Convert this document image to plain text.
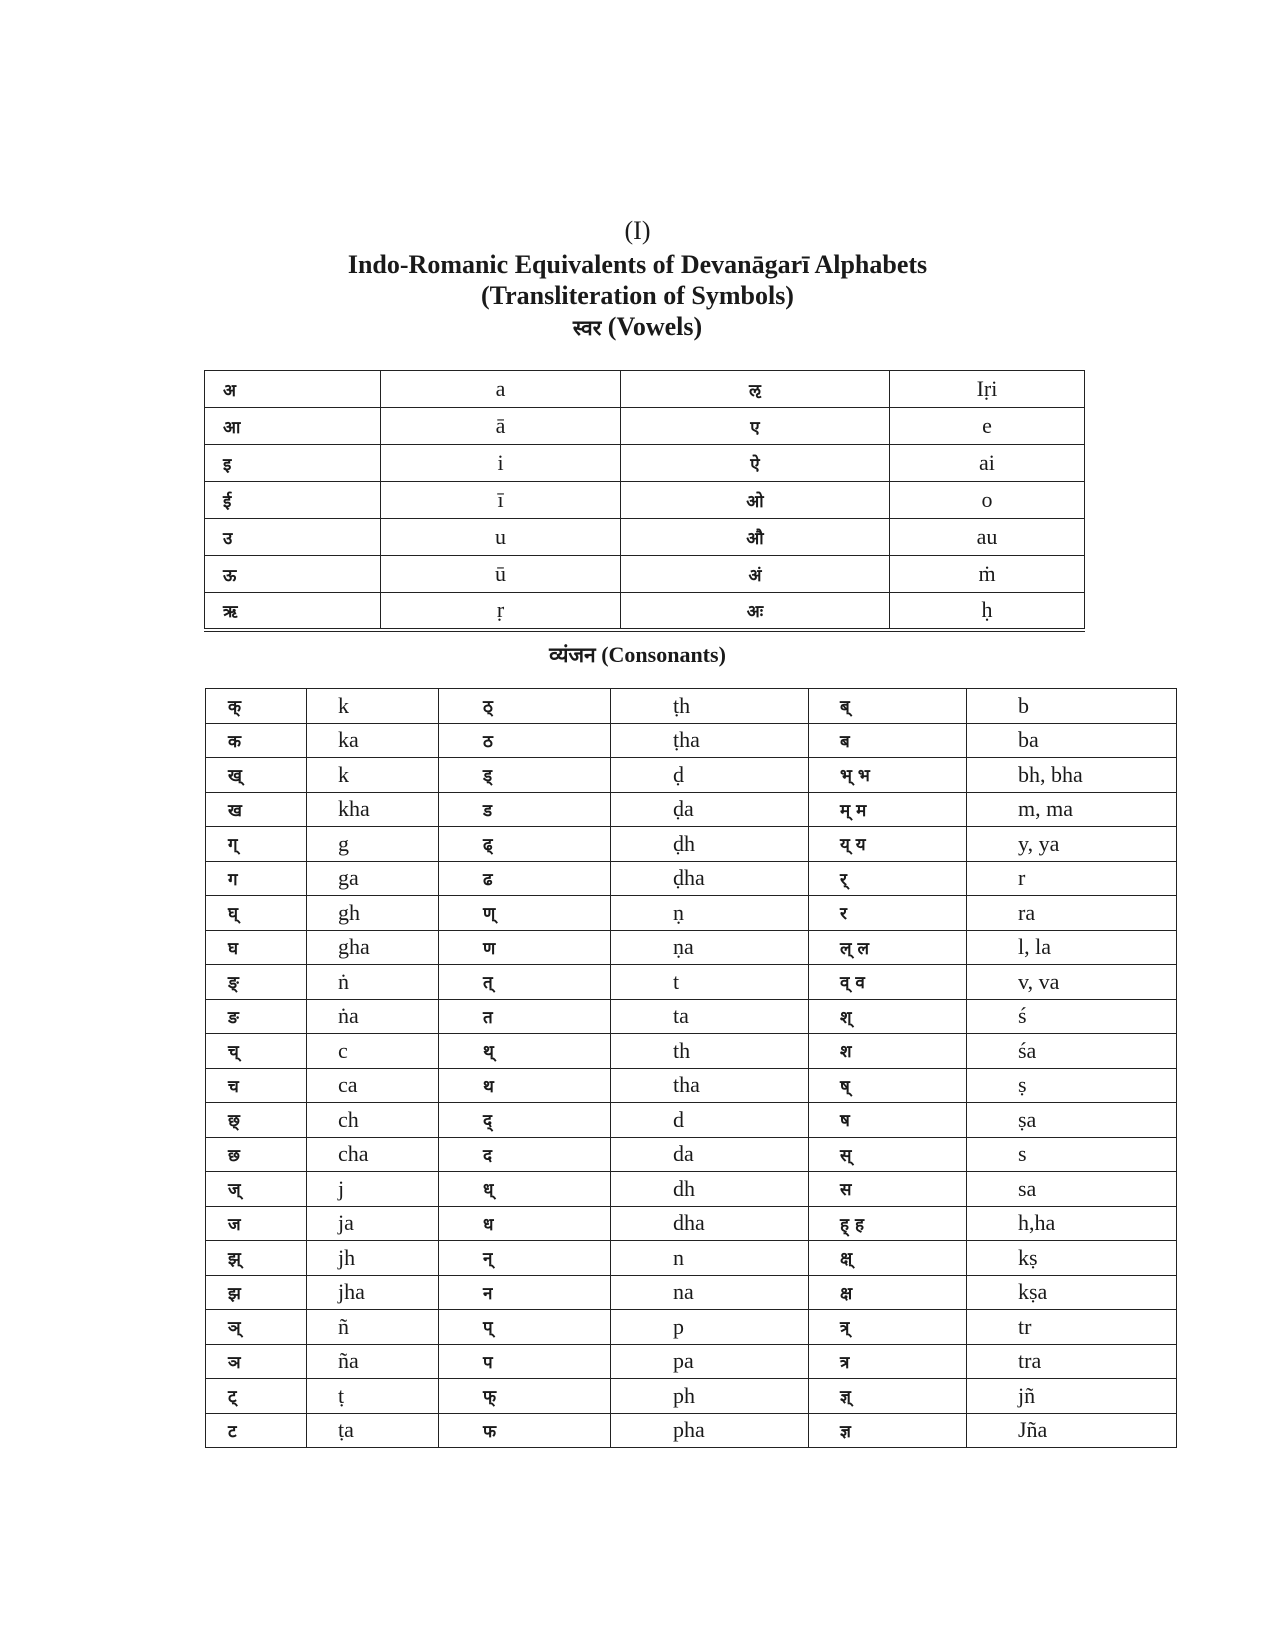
(I)
Indo-Romanic Equivalents of Devanāgarī Alphabets
(Transliteration of Symbols)
स्वर (Vowels)
अ	a	ऌ	Iṛi
आ	ā	ए	e
इ	i	ऐ	ai
ई	ī	ओ	o
उ	u	औ	au
ऊ	ū	अं	ṁ
ऋ	ṛ	अः	ḥ
व्यंजन (Consonants)
क्	k	ठ्	ṭh	ब्	b
क	ka	ठ	ṭha	ब	ba
ख्	k	ड्	ḍ	भ् भ	bh, bha
ख	kha	ड	ḍa	म् म	m, ma
ग्	g	ढ्	ḍh	य् य	y, ya
ग	ga	ढ	ḍha	र्	r
घ्	gh	ण्	ṇ	र	ra
घ	gha	ण	ṇa	ल् ल	l, la
ङ्	ṅ	त्	t	व् व	v, va
ङ	ṅa	त	ta	श्	ś
च्	c	थ्	th	श	śa
च	ca	थ	tha	ष्	ṣ
छ्	ch	द्	d	ष	ṣa
छ	cha	द	da	स्	s
ज्	j	ध्	dh	स	sa
ज	ja	ध	dha	ह् ह	h,ha
झ्	jh	न्	n	क्ष्	kṣ
झ	jha	न	na	क्ष	kṣa
ञ्	ñ	प्	p	त्र्	tr
ञ	ña	प	pa	त्र	tra
ट्	ṭ	फ्	ph	ज्ञ्	jñ
ट	ṭa	फ	pha	ज्ञ	Jña
